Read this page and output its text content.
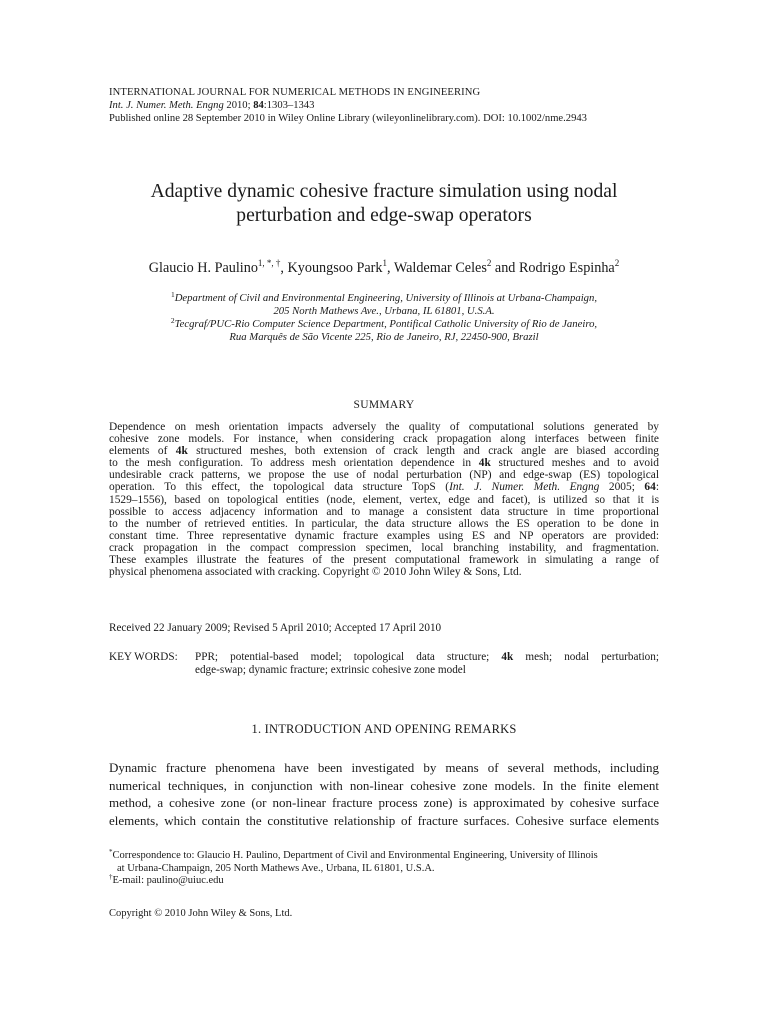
INTERNATIONAL JOURNAL FOR NUMERICAL METHODS IN ENGINEERING
Int. J. Numer. Meth. Engng 2010; 84:1303–1343
Published online 28 September 2010 in Wiley Online Library (wileyonlinelibrary.com). DOI: 10.1002/nme.2943
Adaptive dynamic cohesive fracture simulation using nodal
perturbation and edge-swap operators
Glaucio H. Paulino$^{1, *, \dagger}$, Kyoungsoo Park$^1$, Waldemar Celes$^2$ and Rodrigo Espinha$^2$
$^1$Department of Civil and Environmental Engineering, University of Illinois at Urbana-Champaign,
205 North Mathews Ave., Urbana, IL 61801, U.S.A.
$^2$Tecgraf/PUC-Rio Computer Science Department, Pontifical Catholic University of Rio de Janeiro,
Rua Marquês de São Vicente 225, Rio de Janeiro, RJ, 22450-900, Brazil
SUMMARY
Dependence on mesh orientation impacts adversely the quality of computational solutions generated by
cohesive zone models. For instance, when considering crack propagation along interfaces between finite
elements of 4k structured meshes, both extension of crack length and crack angle are biased according
to the mesh configuration. To address mesh orientation dependence in 4k structured meshes and to avoid
undesirable crack patterns, we propose the use of nodal perturbation (NP) and edge-swap (ES) topological
operation. To this effect, the topological data structure TopS (Int. J. Numer. Meth. Engng 2005; 64:
1529–1556), based on topological entities (node, element, vertex, edge and facet), is utilized so that it is
possible to access adjacency information and to manage a consistent data structure in time proportional
to the number of retrieved entities. In particular, the data structure allows the ES operation to be done in
constant time. Three representative dynamic fracture examples using ES and NP operators are provided:
crack propagation in the compact compression specimen, local branching instability, and fragmentation.
These examples illustrate the features of the present computational framework in simulating a range of
physical phenomena associated with cracking. Copyright © 2010 John Wiley & Sons, Ltd.
Received 22 January 2009; Revised 5 April 2010; Accepted 17 April 2010
KEY WORDS: PPR; potential-based model; topological data structure; 4k mesh; nodal perturbation;
edge-swap; dynamic fracture; extrinsic cohesive zone model
1. INTRODUCTION AND OPENING REMARKS
Dynamic fracture phenomena have been investigated by means of several methods, including
numerical techniques, in conjunction with non-linear cohesive zone models. In the finite element
method, a cohesive zone (or non-linear fracture process zone) is approximated by cohesive surface
elements, which contain the constitutive relationship of fracture surfaces. Cohesive surface elements
*Correspondence to: Glaucio H. Paulino, Department of Civil and Environmental Engineering, University of Illinois
at Urbana-Champaign, 205 North Mathews Ave., Urbana, IL 61801, U.S.A.
†E-mail: paulino@uiuc.edu
Copyright © 2010 John Wiley & Sons, Ltd.
